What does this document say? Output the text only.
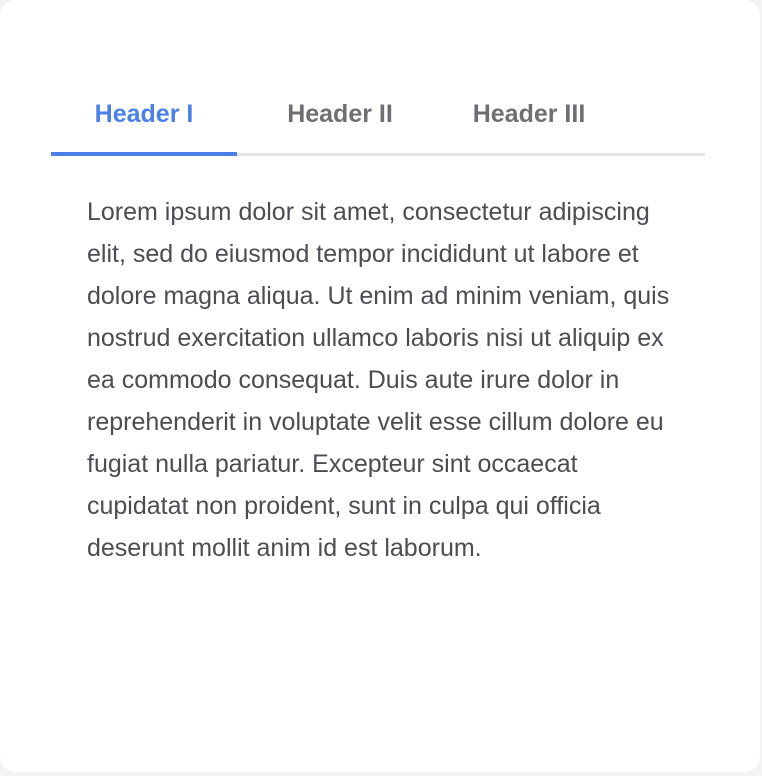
Header I	Header II	Header III
Lorem ipsum dolor sit amet, consectetur adipiscing elit, sed do eiusmod tempor incididunt ut labore et dolore magna aliqua. Ut enim ad minim veniam, quis nostrud exercitation ullamco laboris nisi ut aliquip ex ea commodo consequat. Duis aute irure dolor in reprehenderit in voluptate velit esse cillum dolore eu fugiat nulla pariatur. Excepteur sint occaecat cupidatat non proident, sunt in culpa qui officia deserunt mollit anim id est laborum.
